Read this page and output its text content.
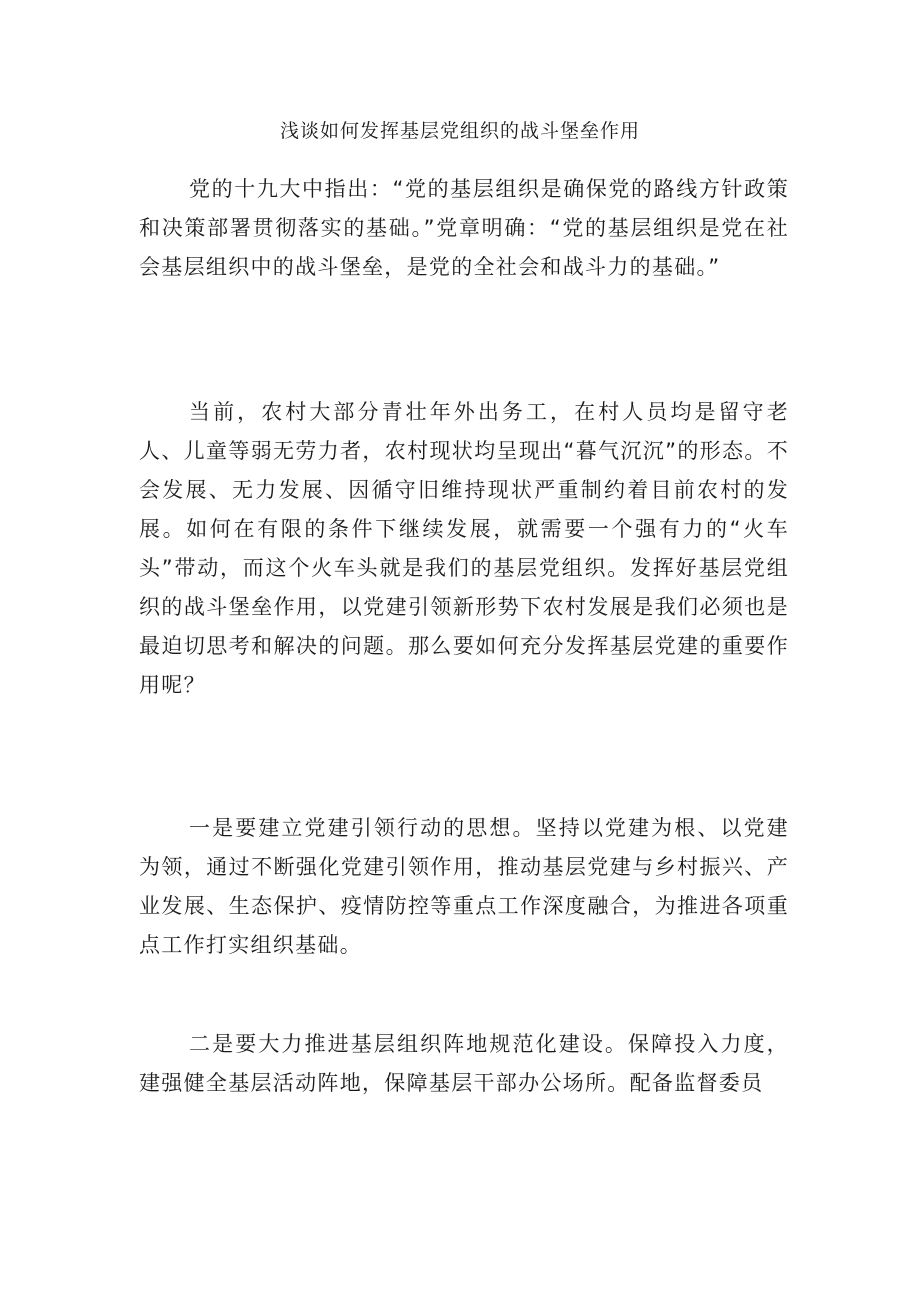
浅谈如何发挥基层党组织的战斗堡垒作用

党的十九大中指出：“党的基层组织是确保党的路线方针政策和决策部署贯彻落实的基础。”党章明确：“党的基层组织是党在社会基层组织中的战斗堡垒，是党的全社会和战斗力的基础。”

当前，农村大部分青壮年外出务工，在村人员均是留守老人、儿童等弱无劳力者，农村现状均呈现出“暮气沉沉”的形态。不会发展、无力发展、因循守旧维持现状严重制约着目前农村的发展。如何在有限的条件下继续发展，就需要一个强有力的“火车头”带动，而这个火车头就是我们的基层党组织。发挥好基层党组织的战斗堡垒作用，以党建引领新形势下农村发展是我们必须也是最迫切思考和解决的问题。那么要如何充分发挥基层党建的重要作用呢？

一是要建立党建引领行动的思想。坚持以党建为根、以党建为领，通过不断强化党建引领作用，推动基层党建与乡村振兴、产业发展、生态保护、疫情防控等重点工作深度融合，为推进各项重点工作打实组织基础。

二是要大力推进基层组织阵地规范化建设。保障投入力度，建强健全基层活动阵地，保障基层干部办公场所。配备监督委员
